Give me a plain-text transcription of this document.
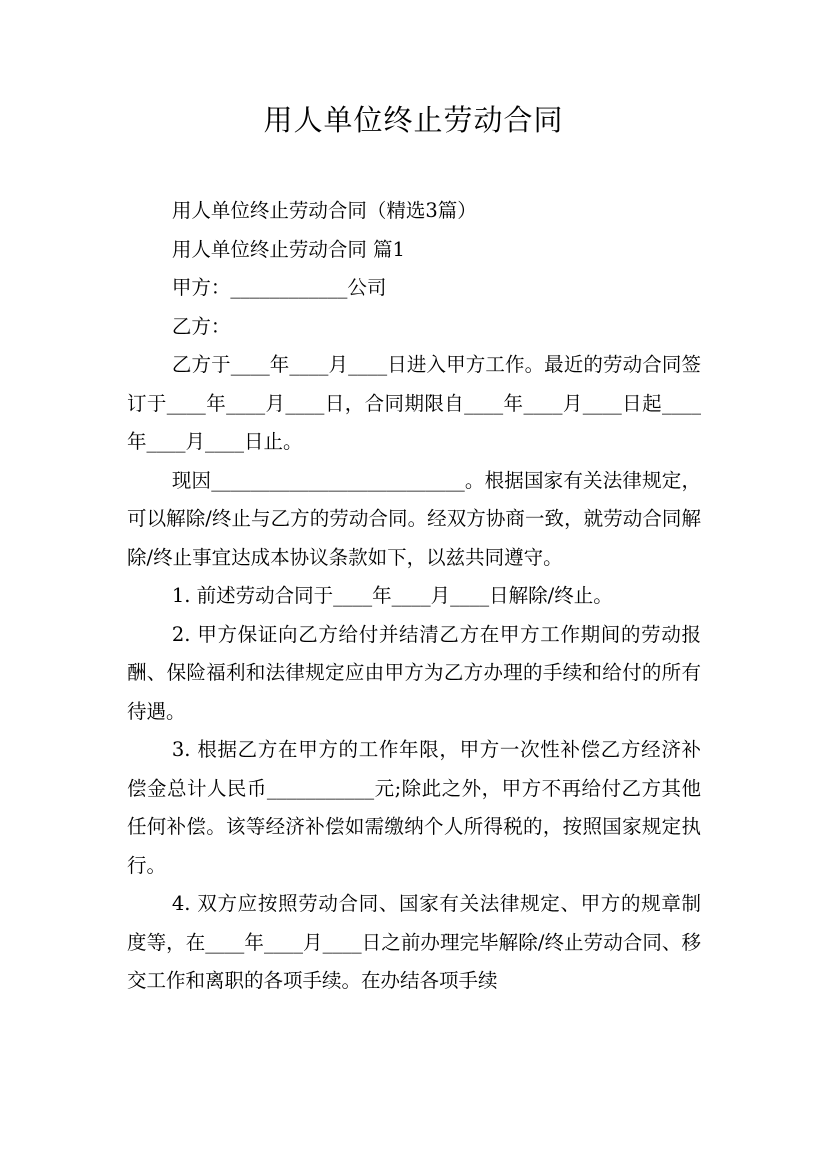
用人单位终止劳动合同

用人单位终止劳动合同（精选3篇）

用人单位终止劳动合同 篇1

甲方：____________公司

乙方：

乙方于____年____月____日进入甲方工作。最近的劳动合同签订于____年____月____日，合同期限自____年____月____日起____年____月____日止。

现因__________________________。根据国家有关法律规定，可以解除/终止与乙方的劳动合同。经双方协商一致，就劳动合同解除/终止事宜达成本协议条款如下，以兹共同遵守。

1. 前述劳动合同于____年____月____日解除/终止。

2. 甲方保证向乙方给付并结清乙方在甲方工作期间的劳动报酬、保险福利和法律规定应由甲方为乙方办理的手续和给付的所有待遇。

3. 根据乙方在甲方的工作年限，甲方一次性补偿乙方经济补偿金总计人民币___________元;除此之外，甲方不再给付乙方其他任何补偿。该等经济补偿如需缴纳个人所得税的，按照国家规定执行。

4. 双方应按照劳动合同、国家有关法律规定、甲方的规章制度等，在____年____月____日之前办理完毕解除/终止劳动合同、移交工作和离职的各项手续。在办结各项手续
